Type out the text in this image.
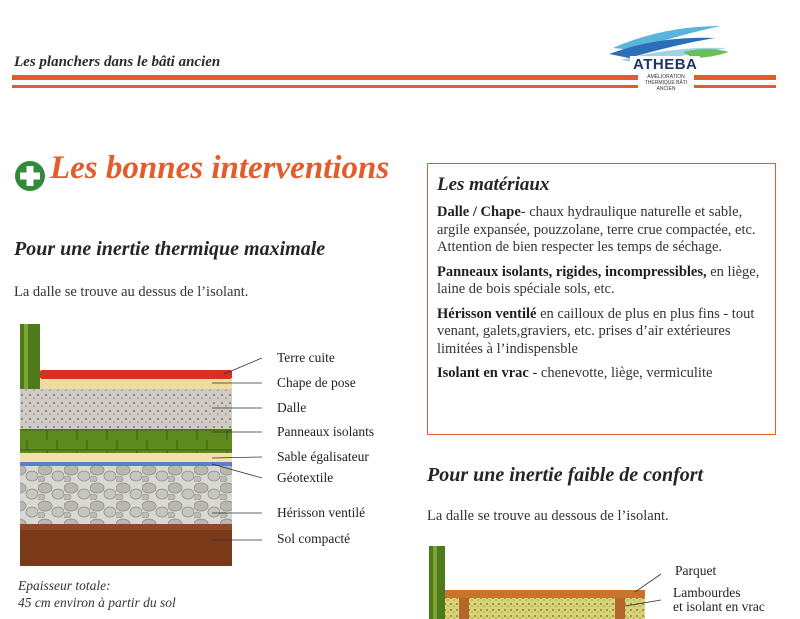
Les planchers dans le bâti ancien	ATHEBA
AMÉLIORATION THERMIQUE BÂTI ANCIEN
Les bonnes interventions
Pour une inertie thermique maximale
La dalle se trouve au dessus de l’isolant.
Terre cuite
Chape de pose
Dalle
Panneaux isolants
Sable égalisateur
Géotextile
Hérisson ventilé
Sol compacté
Epaisseur totale:
45 cm environ à partir du sol
Les matériaux
Dalle / Chape- chaux hydraulique naturelle et sable, argile expansée, pouzzolane, terre crue compactée, etc.
Attention de bien respecter les temps de séchage.
Panneaux isolants, rigides, incompressibles, en liège, laine de bois spéciale sols, etc.
Hérisson ventilé en cailloux de plus en plus fins - tout venant, galets,graviers, etc. prises d’air extérieures limitées à l’indispensble
Isolant en vrac - chenevotte, liège, vermiculite
Pour une inertie faible de confort
La dalle se trouve au dessous de l’isolant.
Parquet
Lambourdes
et isolant en vrac
